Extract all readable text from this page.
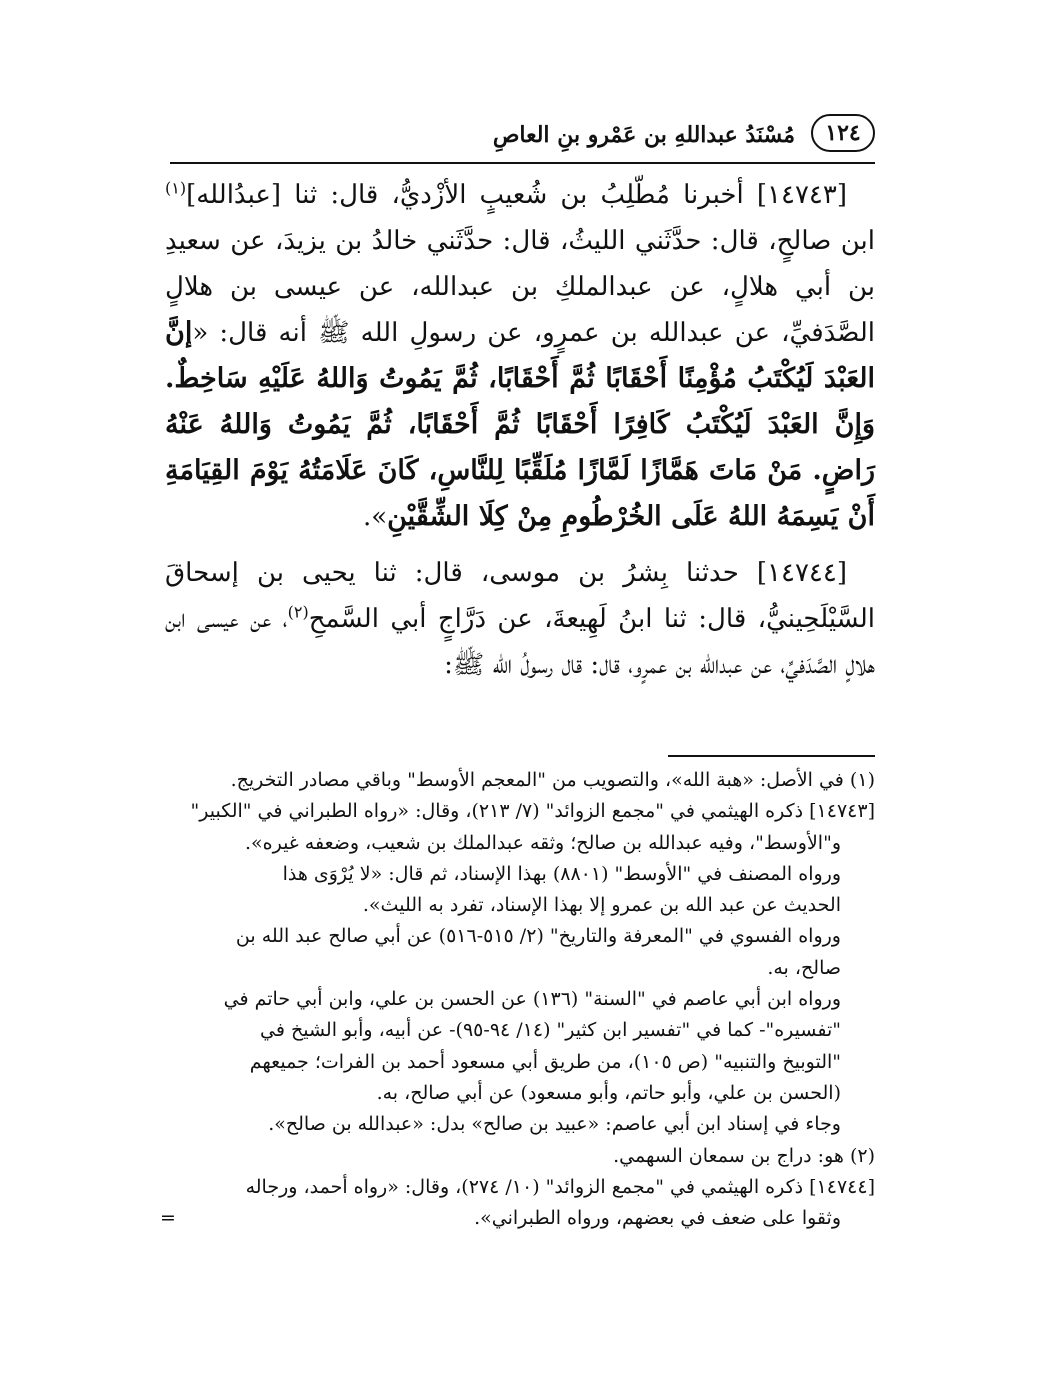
١٢٤
مُسْنَدُ عبداللهِ بن عَمْرو بنِ العاصِ

[١٤٧٤٣] أخبرنا مُطّلِبُ بن شُعيبٍ الأزْديُّ، قال: ثنا [عبدُالله]$^{(١)}$ ابن صالحٍ، قال: حدَّثَني الليثُ، قال: حدَّثَني خالدُ بن يزيدَ، عن سعيدِ بن أبي هلالٍ، عن عبدالملكِ بن عبدالله، عن عيسى بن هلالٍ الصَّدَفيِّ، عن عبدالله بن عمرٍو، عن رسولِ الله ﷺ أنه قال: «إنَّ العَبْدَ لَيُكْتَبُ مُؤْمِنًا أَحْقَابًا ثُمَّ أَحْقَابًا، ثُمَّ يَمُوتُ وَاللهُ عَلَيْهِ سَاخِطٌ. وَإِنَّ العَبْدَ لَيُكْتَبُ كَافِرًا أَحْقَابًا ثُمَّ أَحْقَابًا، ثُمَّ يَمُوتُ وَاللهُ عَنْهُ رَاضٍ. مَنْ مَاتَ هَمَّازًا لَمَّازًا مُلَقِّبًا لِلنَّاسِ، كَانَ عَلَامَتُهُ يَوْمَ القِيَامَةِ أَنْ يَسِمَهُ اللهُ عَلَى الخُرْطُومِ مِنْ كِلَا الشِّقَّيْنِ».

[١٤٧٤٤] حدثنا بِشرُ بن موسى، قال: ثنا يحيى بن إسحاقَ السَّيْلَحِينيُّ، قال: ثنا ابنُ لَهِيعةَ، عن دَرَّاجٍ أبي السَّمحِ$^{(٢)}$، عن عيسى ابن هلالٍ الصَّدَفيِّ، عن عبدالله بن عمرٍو، قال: قال رسولُ الله ﷺ:

(١) في الأصل: «هبة الله»، والتصويب من "المعجم الأوسط" وباقي مصادر التخريج.

[١٤٧٤٣] ذكره الهيثمي في "مجمع الزوائد" (٧/ ٢١٣)، وقال: «رواه الطبراني في "الكبير"

و"الأوسط"، وفيه عبدالله بن صالح؛ وثقه عبدالملك بن شعيب، وضعفه غيره».

ورواه المصنف في "الأوسط" (٨٨٠١) بهذا الإسناد، ثم قال: «لا يُرْوَى هذا

الحديث عن عبد الله بن عمرو إلا بهذا الإسناد، تفرد به الليث».

ورواه الفسوي في "المعرفة والتاريخ" (٢/ ٥١٥-٥١٦) عن أبي صالح عبد الله بن

صالح، به.

ورواه ابن أبي عاصم في "السنة" (١٣٦) عن الحسن بن علي، وابن أبي حاتم في

"تفسيره"- كما في "تفسير ابن كثير" (١٤/ ٩٤-٩٥)- عن أبيه، وأبو الشيخ في

"التوبيخ والتنبيه" (ص ١٠٥)، من طريق أبي مسعود أحمد بن الفرات؛ جميعهم

(الحسن بن علي، وأبو حاتم، وأبو مسعود) عن أبي صالح، به.

وجاء في إسناد ابن أبي عاصم: «عبيد بن صالح» بدل: «عبدالله بن صالح».

(٢) هو: دراج بن سمعان السهمي.

[١٤٧٤٤] ذكره الهيثمي في "مجمع الزوائد" (١٠/ ٢٧٤)، وقال: «رواه أحمد، ورجاله

وثقوا على ضعف في بعضهم، ورواه الطبراني».
=
